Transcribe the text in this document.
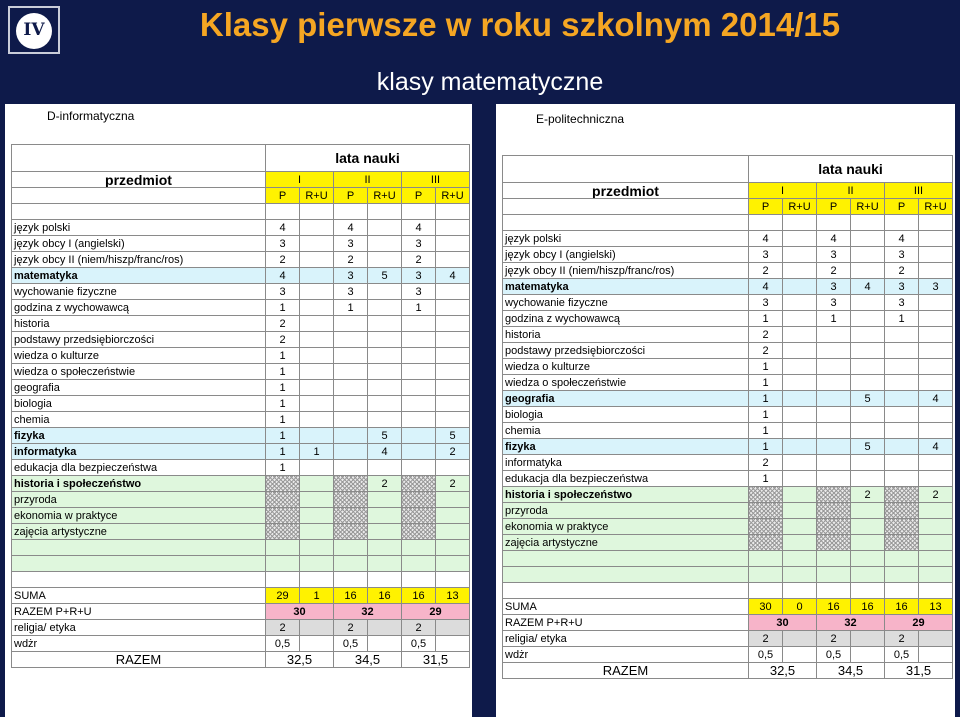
IV	Klasy pierwsze w roku szkolnym 2014/15
klasy matematyczne
D-informatyczna
	lata nauki					
przedmiot	I		II		III	
	P	R+U	P	R+U	P	R+U

język polski	4		4		4	
język obcy I (angielski)	3		3		3	
język obcy II (niem/hiszp/franc/ros)	2		2		2	
matematyka	4		3	5	3	4
wychowanie fizyczne	3		3		3	
godzina z wychowawcą	1		1		1	
historia	2					
podstawy przedsiębiorczości	2					
wiedza o kulturze	1					
wiedza o społeczeństwie	1					
geografia	1					
biologia	1					
chemia	1					
fizyka	1			5		5
informatyka	1	1		4		2
edukacja dla bezpieczeństwa	1					
historia i społeczeństwo				2		2
przyroda						
ekonomia w praktyce						
zajęcia artystyczne						

SUMA	29	1	16	16	16	13
RAZEM P+R+U	30		32		29	
religia/ etyka	2		2		2	
wdżr	0,5		0,5		0,5	
RAZEM	32,5		34,5		31,5	
E-politechniczna
	lata nauki					
przedmiot	I		II		III	
	P	R+U	P	R+U	P	R+U

język polski	4		4		4	
język obcy I (angielski)	3		3		3	
język obcy II (niem/hiszp/franc/ros)	2		2		2	
matematyka	4		3	4	3	3
wychowanie fizyczne	3		3		3	
godzina z wychowawcą	1		1		1	
historia	2					
podstawy przedsiębiorczości	2					
wiedza o kulturze	1					
wiedza o społeczeństwie	1					
geografia	1			5		4
biologia	1					
chemia	1					
fizyka	1			5		4
informatyka	2					
edukacja dla bezpieczeństwa	1					
historia i społeczeństwo				2		2
przyroda						
ekonomia w praktyce						
zajęcia artystyczne						

SUMA	30	0	16	16	16	13
RAZEM P+R+U	30		32		29	
religia/ etyka	2		2		2	
wdżr	0,5		0,5		0,5	
RAZEM	32,5		34,5		31,5	
